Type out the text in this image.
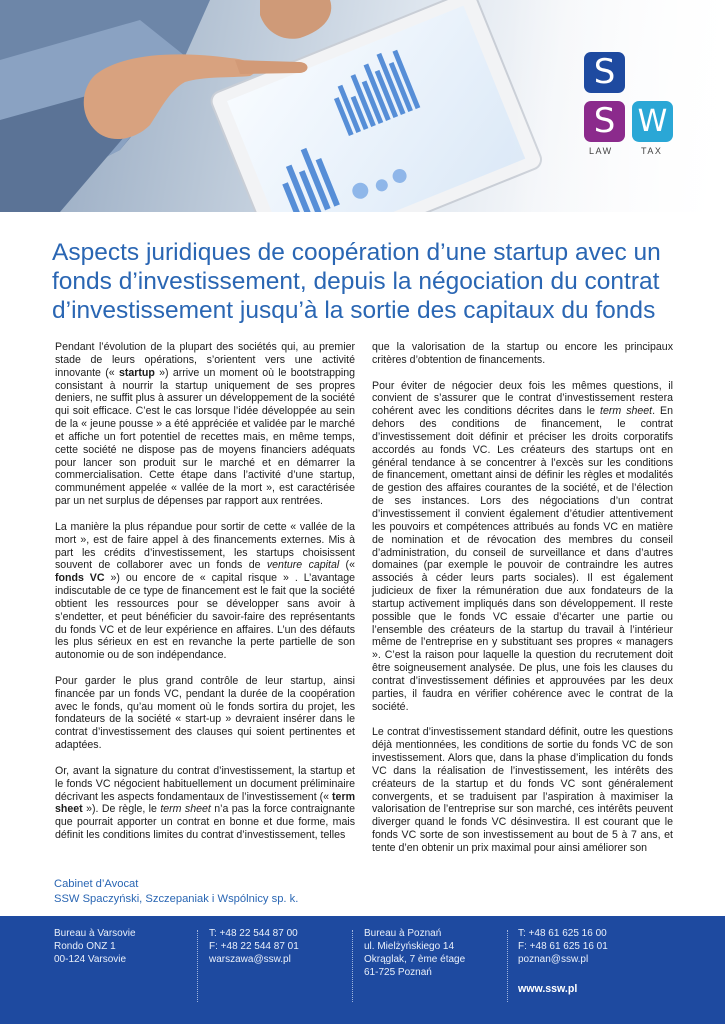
S
S W
LAW	TAX
Aspects juridiques de coopération d’une startup avec un fonds d’investissement, depuis la négociation du contrat d’investissement jusqu’à la sortie des capitaux du fonds

Pendant l’évolution de la plupart des sociétés qui, au premier stade de leurs opérations, s’orientent vers une activité innovante (« startup ») arrive un moment où le bootstrapping consistant à nourrir la startup uniquement de ses propres deniers, ne suffit plus à assurer un développement de la société qui soit efficace. C’est le cas lorsque l’idée développée au sein de la « jeune pousse » a été appréciée et validée par le marché et affiche un fort potentiel de recettes mais, en même temps, cette société ne dispose pas de moyens financiers adéquats pour lancer son produit sur le marché et en démarrer la commercialisation. Cette étape dans l’activité d’une startup, communément appelée « vallée de la mort », est caractérisée par un net surplus de dépenses par rapport aux rentrées.

La manière la plus répandue pour sortir de cette « vallée de la mort », est de faire appel à des financements externes. Mis à part les crédits d’investissement, les startups choisissent souvent de collaborer avec un fonds de venture capital (« fonds VC ») ou encore de « capital risque » . L’avantage indiscutable de ce type de financement est le fait que la société obtient les ressources pour se développer sans avoir à s’endetter, et peut bénéficier du savoir-faire des représentants du fonds VC et de leur expérience en affaires. L’un des défauts les plus sérieux en est en revanche la perte partielle de son autonomie ou de son indépendance.

Pour garder le plus grand contrôle de leur startup, ainsi financée par un fonds VC, pendant la durée de la coopération avec le fonds, qu’au moment où le fonds sortira du projet, les fondateurs de la société « start-up » devraient insérer dans le contrat d’investissement des clauses qui soient pertinentes et adaptées.

Or, avant la signature du contrat d’investissement, la startup et le fonds VC négocient habituellement un document préliminaire décrivant les aspects fondamentaux de l’investissement (« term sheet »). De règle, le term sheet n’a pas la force contraignante que pourrait apporter un contrat en bonne et due forme, mais définit les conditions limites du contrat d’investissement, telles

que la valorisation de la startup ou encore les principaux critères d’obtention de financements.

Pour éviter de négocier deux fois les mêmes questions, il convient de s’assurer que le contrat d’investissement restera cohérent avec les conditions décrites dans le term sheet. En dehors des conditions de financement, le contrat d’investissement doit définir et préciser les droits corporatifs accordés au fonds VC. Les créateurs des startups ont en général tendance à se concentrer à l’excès sur les conditions de financement, omettant ainsi de définir les règles et modalités de gestion des affaires courantes de la société, et de l’élection de ses instances. Lors des négociations d’un contrat d’investissement il convient également d’étudier attentivement les pouvoirs et compétences attribués au fonds VC en matière de nomination et de révocation des membres du conseil d’administration, du conseil de surveillance et dans d’autres domaines (par exemple le pouvoir de contraindre les autres associés à céder leurs parts sociales). Il est également judicieux de fixer la rémunération due aux fondateurs de la startup activement impliqués dans son développement. Il reste possible que le fonds VC essaie d’écarter une partie ou l’ensemble des créateurs de la startup du travail à l’intérieur même de l’entreprise en y substituant ses propres « managers ». C’est la raison pour laquelle la question du recrutement doit être soigneusement analysée. De plus, une fois les clauses du contrat d’investissement définies et approuvées par les deux parties, il faudra en vérifier cohérence avec le contrat de la société.

Le contrat d’investissement standard définit, outre les questions déjà mentionnées, les conditions de sortie du fonds VC de son investissement. Alors que, dans la phase d’implication du fonds VC dans la réalisation de l’investissement, les intérêts des créateurs de la startup et du fonds VC sont généralement convergents, et se traduisent par l’aspiration à maximiser la valorisation de l’entreprise sur son marché, ces intérêts peuvent diverger quand le fonds VC désinvestira. Il est courant que le fonds VC sorte de son investissement au bout de 5 à 7 ans, et tente d’en obtenir un prix maximal pour ainsi améliorer son

Cabinet d’Avocat
SSW Spaczyński, Szczepaniak i Wspólnicy sp. k.
Bureau à Varsovie
Rondo ONZ 1
00-124 Varsovie
T: +48 22 544 87 00
F: +48 22 544 87 01
warszawa@ssw.pl
Bureau à Poznań
ul. Mielżyńskiego 14
Okrąglak, 7 ème étage
61-725 Poznań
T: +48 61 625 16 00
F: +48 61 625 16 01
poznan@ssw.pl
www.ssw.pl
